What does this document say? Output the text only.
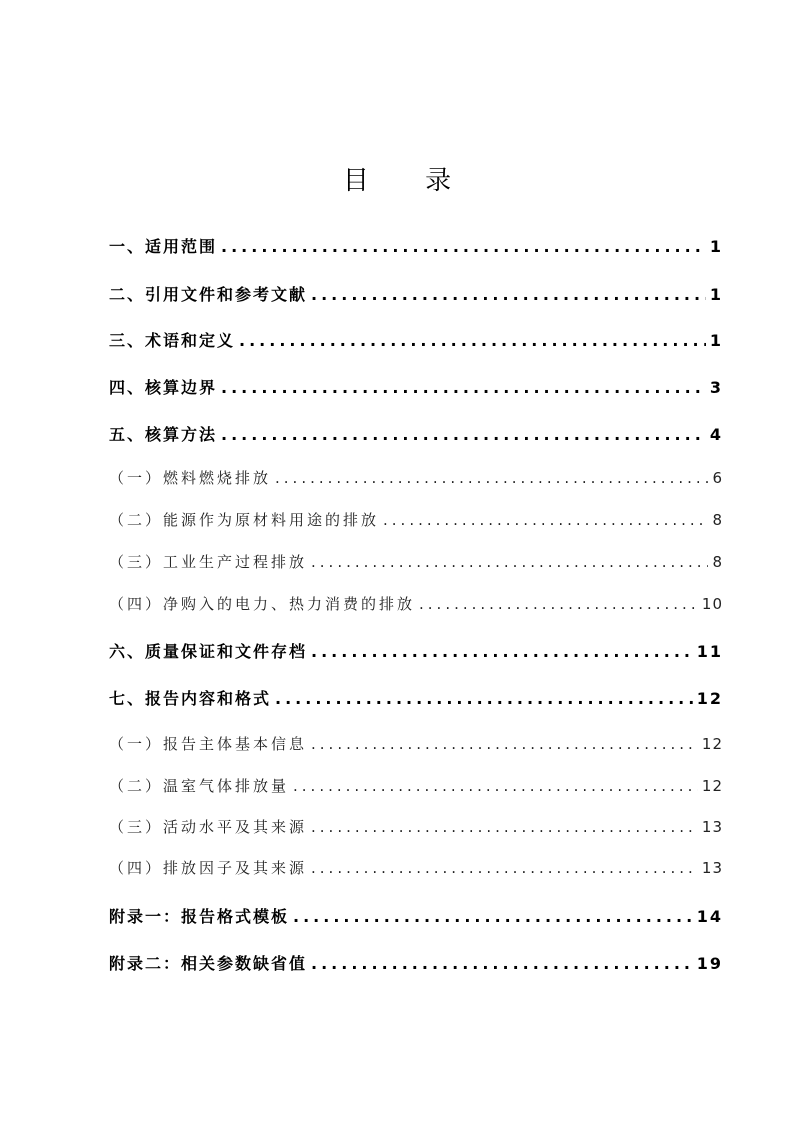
目 录
一、适用范围 .....	1
二、引用文件和参考文献 .....	1
三、术语和定义 .....	1
四、核算边界 .....	3
五、核算方法 .....	4
（一）燃料燃烧排放 .....	6
（二）能源作为原材料用途的排放 .....	8
（三）工业生产过程排放 .....	8
（四）净购入的电力、热力消费的排放 .....	10
六、质量保证和文件存档 .....	11
七、报告内容和格式 .....	12
（一）报告主体基本信息 .....	12
（二）温室气体排放量 .....	12
（三）活动水平及其来源 .....	13
（四）排放因子及其来源 .....	13
附录一：报告格式模板 .....	14
附录二：相关参数缺省值 .....	19
